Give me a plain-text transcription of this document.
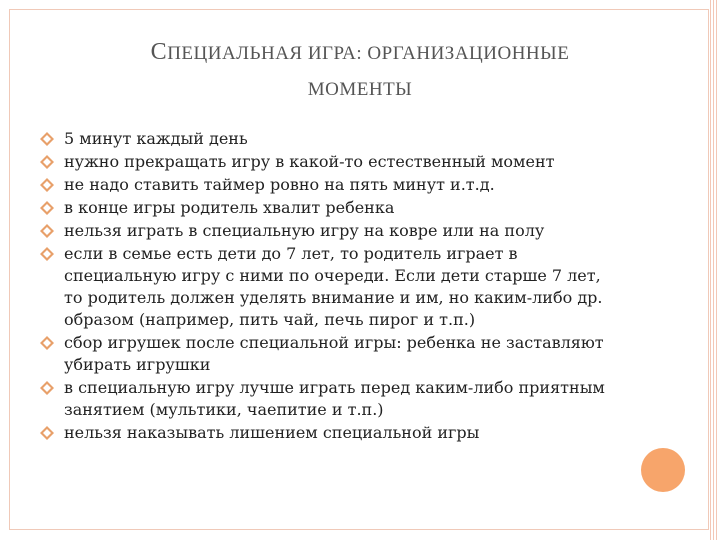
СПЕЦИАЛЬНАЯ ИГРА: ОРГАНИЗАЦИОННЫЕ
МОМЕНТЫ
5 минут каждый день
нужно прекращать игру в какой-то естественный момент
не надо ставить таймер ровно на пять минут и.т.д.
в конце игры родитель хвалит ребенка
нельзя играть в специальную игру на ковре или на полу
если в семье есть дети до 7 лет, то родитель играет в специальную игру с ними по очереди. Если дети старше 7 лет, то родитель должен уделять внимание и им, но каким-либо др. образом (например, пить чай, печь пирог и т.п.)
сбор игрушек после специальной игры: ребенка не заставляют убирать игрушки
в специальную игру лучше играть перед каким-либо приятным занятием (мультики, чаепитие и т.п.)
нельзя наказывать лишением специальной игры
